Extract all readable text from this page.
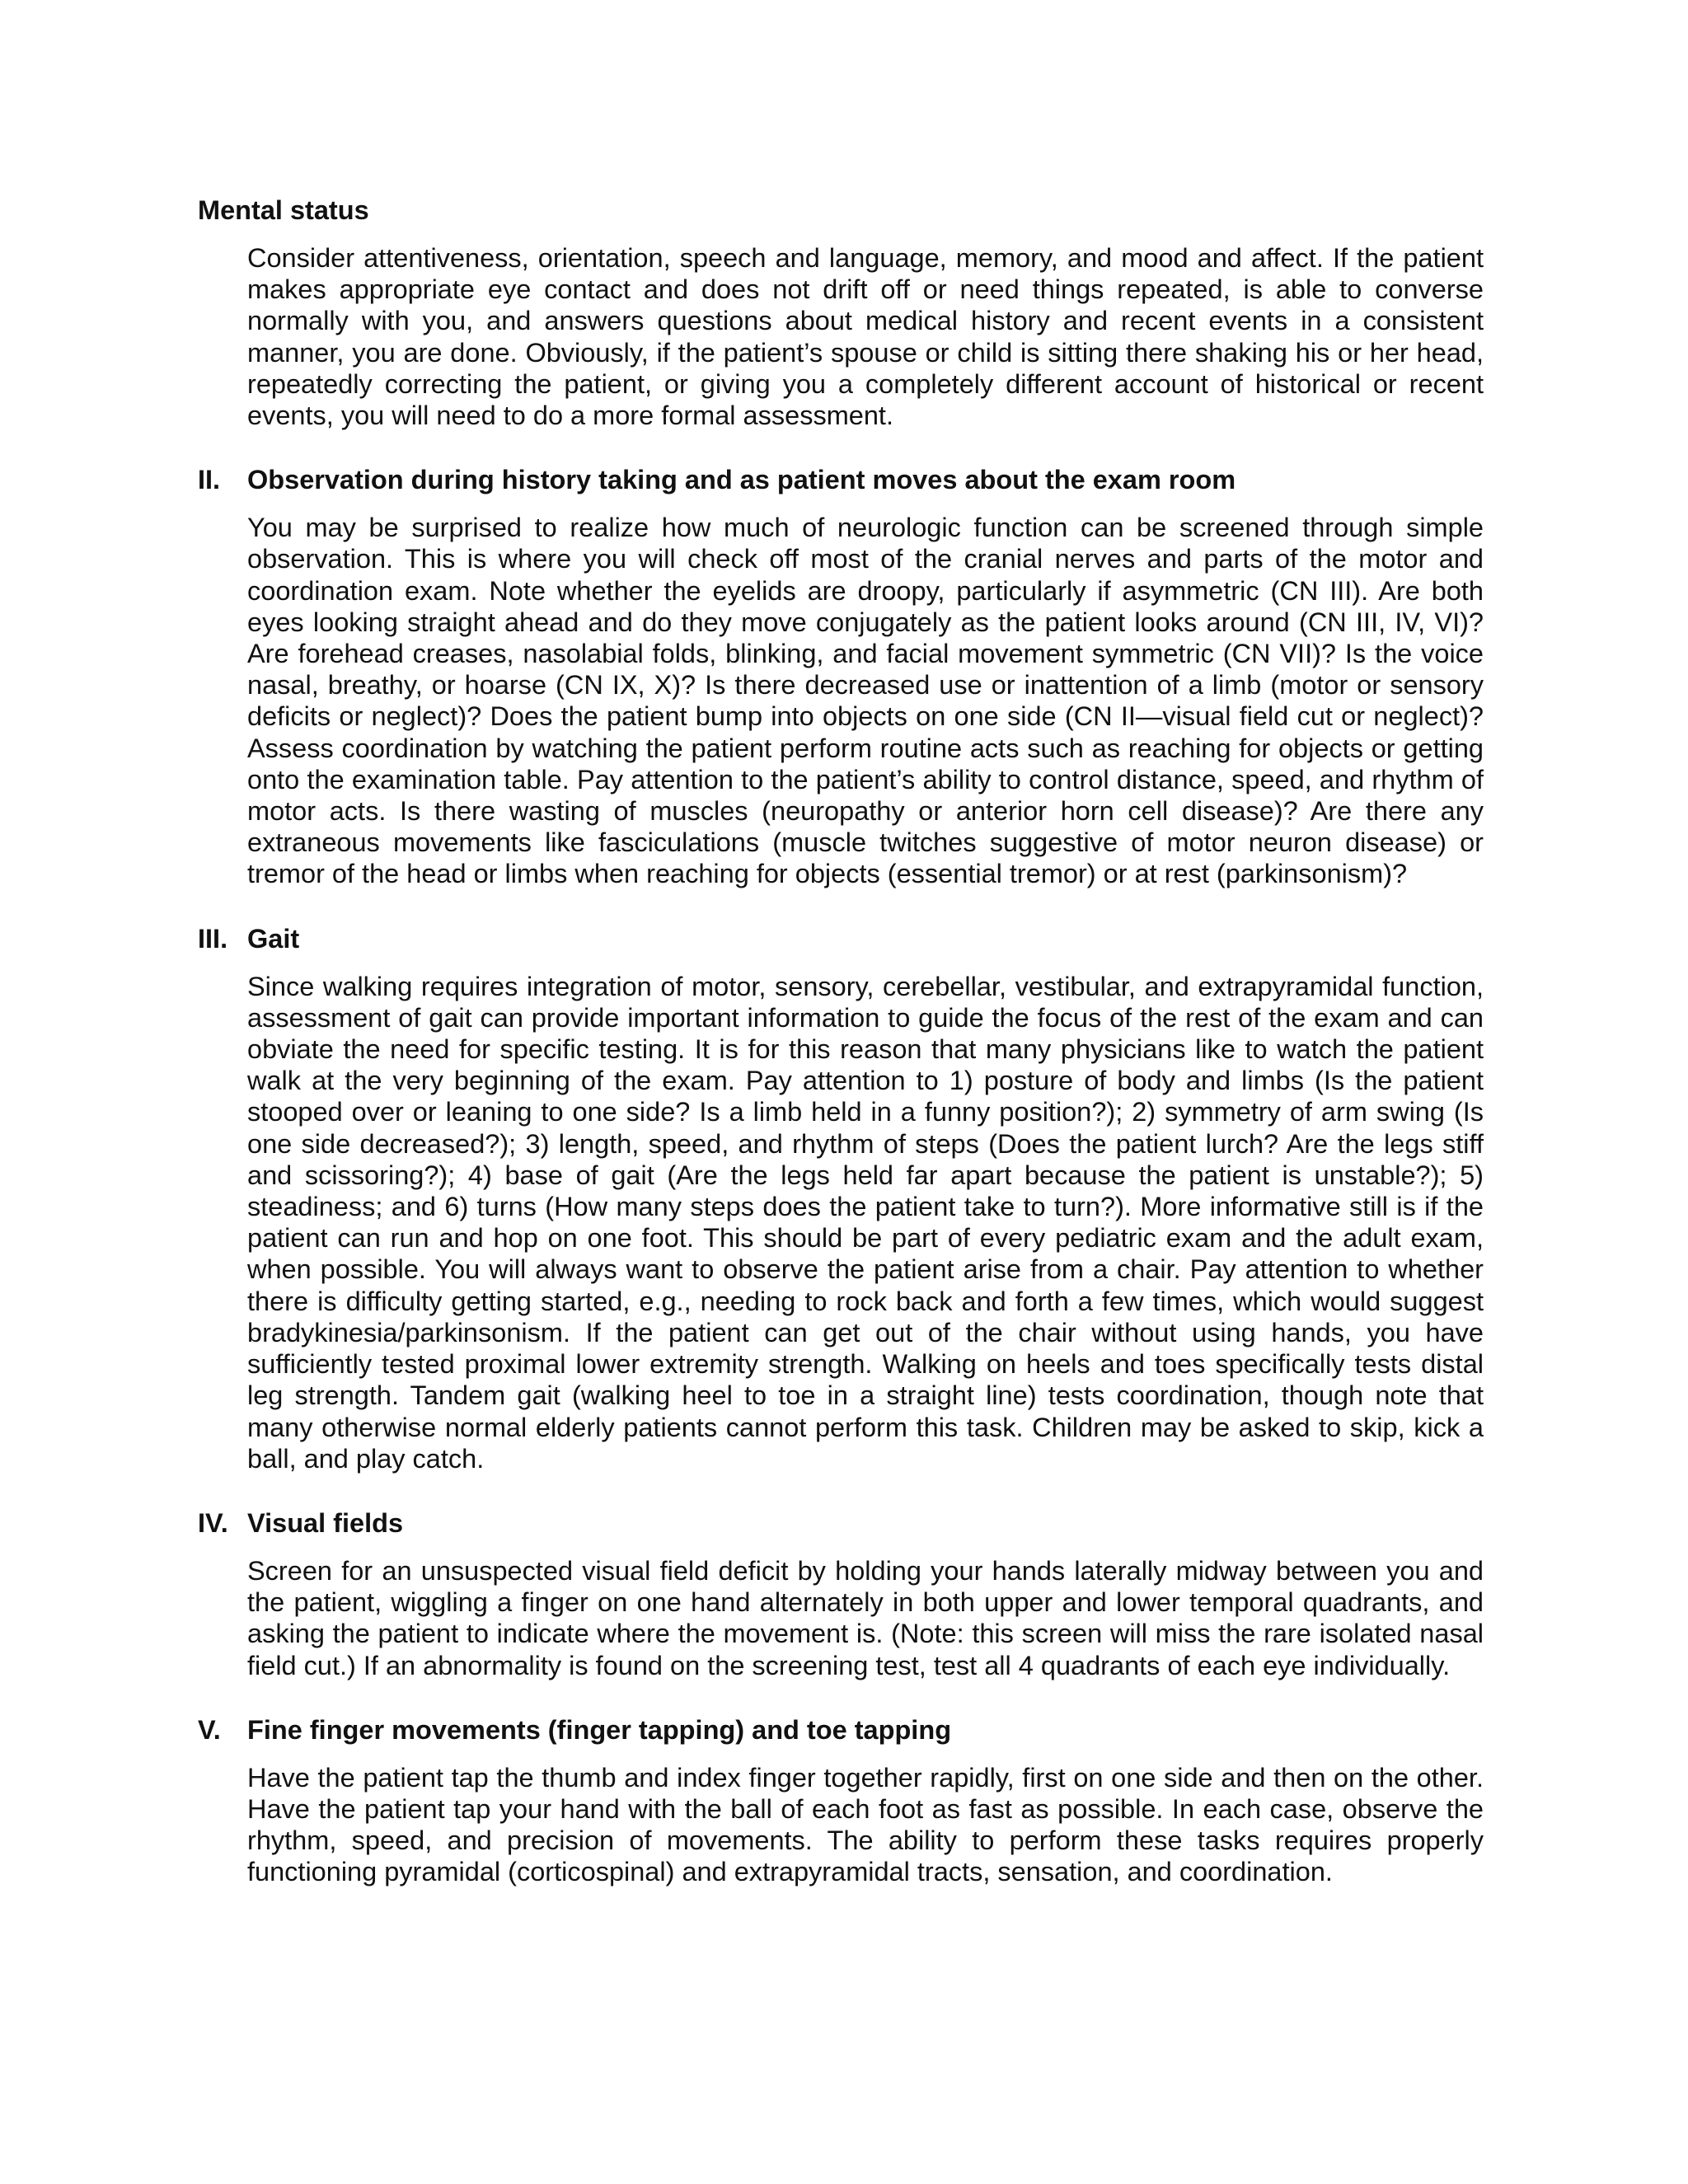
Mental status

Consider attentiveness, orientation, speech and language, memory, and mood and affect. If the patient makes appropriate eye contact and does not drift off or need things repeated, is able to converse normally with you, and answers questions about medical history and recent events in a consistent manner, you are done. Obviously, if the patient’s spouse or child is sitting there shaking his or her head, repeatedly correcting the patient, or giving you a completely different account of historical or recent events, you will need to do a more formal assessment.

II. Observation during history taking and as patient moves about the exam room

You may be surprised to realize how much of neurologic function can be screened through simple observation. This is where you will check off most of the cranial nerves and parts of the motor and coordination exam. Note whether the eyelids are droopy, particularly if asymmetric (CN III). Are both eyes looking straight ahead and do they move conjugately as the patient looks around (CN III, IV, VI)? Are forehead creases, nasolabial folds, blinking, and facial movement symmetric (CN VII)? Is the voice nasal, breathy, or hoarse (CN IX, X)? Is there decreased use or inattention of a limb (motor or sensory deficits or neglect)? Does the patient bump into objects on one side (CN II—visual field cut or neglect)? Assess coordination by watching the patient perform routine acts such as reaching for objects or getting onto the examination table. Pay attention to the patient’s ability to control distance, speed, and rhythm of motor acts. Is there wasting of muscles (neuropathy or anterior horn cell disease)? Are there any extraneous movements like fasciculations (muscle twitches suggestive of motor neuron disease) or tremor of the head or limbs when reaching for objects (essential tremor) or at rest (parkinsonism)?

III. Gait

Since walking requires integration of motor, sensory, cerebellar, vestibular, and extrapyramidal function, assessment of gait can provide important information to guide the focus of the rest of the exam and can obviate the need for specific testing. It is for this reason that many physicians like to watch the patient walk at the very beginning of the exam. Pay attention to 1) posture of body and limbs (Is the patient stooped over or leaning to one side? Is a limb held in a funny position?); 2) symmetry of arm swing (Is one side decreased?); 3) length, speed, and rhythm of steps (Does the patient lurch? Are the legs stiff and scissoring?); 4) base of gait (Are the legs held far apart because the patient is unstable?); 5) steadiness; and 6) turns (How many steps does the patient take to turn?). More informative still is if the patient can run and hop on one foot. This should be part of every pediatric exam and the adult exam, when possible. You will always want to observe the patient arise from a chair. Pay attention to whether there is difficulty getting started, e.g., needing to rock back and forth a few times, which would suggest bradykinesia/parkinsonism. If the patient can get out of the chair without using hands, you have sufficiently tested proximal lower extremity strength. Walking on heels and toes specifically tests distal leg strength. Tandem gait (walking heel to toe in a straight line) tests coordination, though note that many otherwise normal elderly patients cannot perform this task. Children may be asked to skip, kick a ball, and play catch.

IV. Visual fields

Screen for an unsuspected visual field deficit by holding your hands laterally midway between you and the patient, wiggling a finger on one hand alternately in both upper and lower temporal quadrants, and asking the patient to indicate where the movement is. (Note: this screen will miss the rare isolated nasal field cut.) If an abnormality is found on the screening test, test all 4 quadrants of each eye individually.

V. Fine finger movements (finger tapping) and toe tapping

Have the patient tap the thumb and index finger together rapidly, first on one side and then on the other. Have the patient tap your hand with the ball of each foot as fast as possible. In each case, observe the rhythm, speed, and precision of movements. The ability to perform these tasks requires properly functioning pyramidal (corticospinal) and extrapyramidal tracts, sensation, and coordination.
